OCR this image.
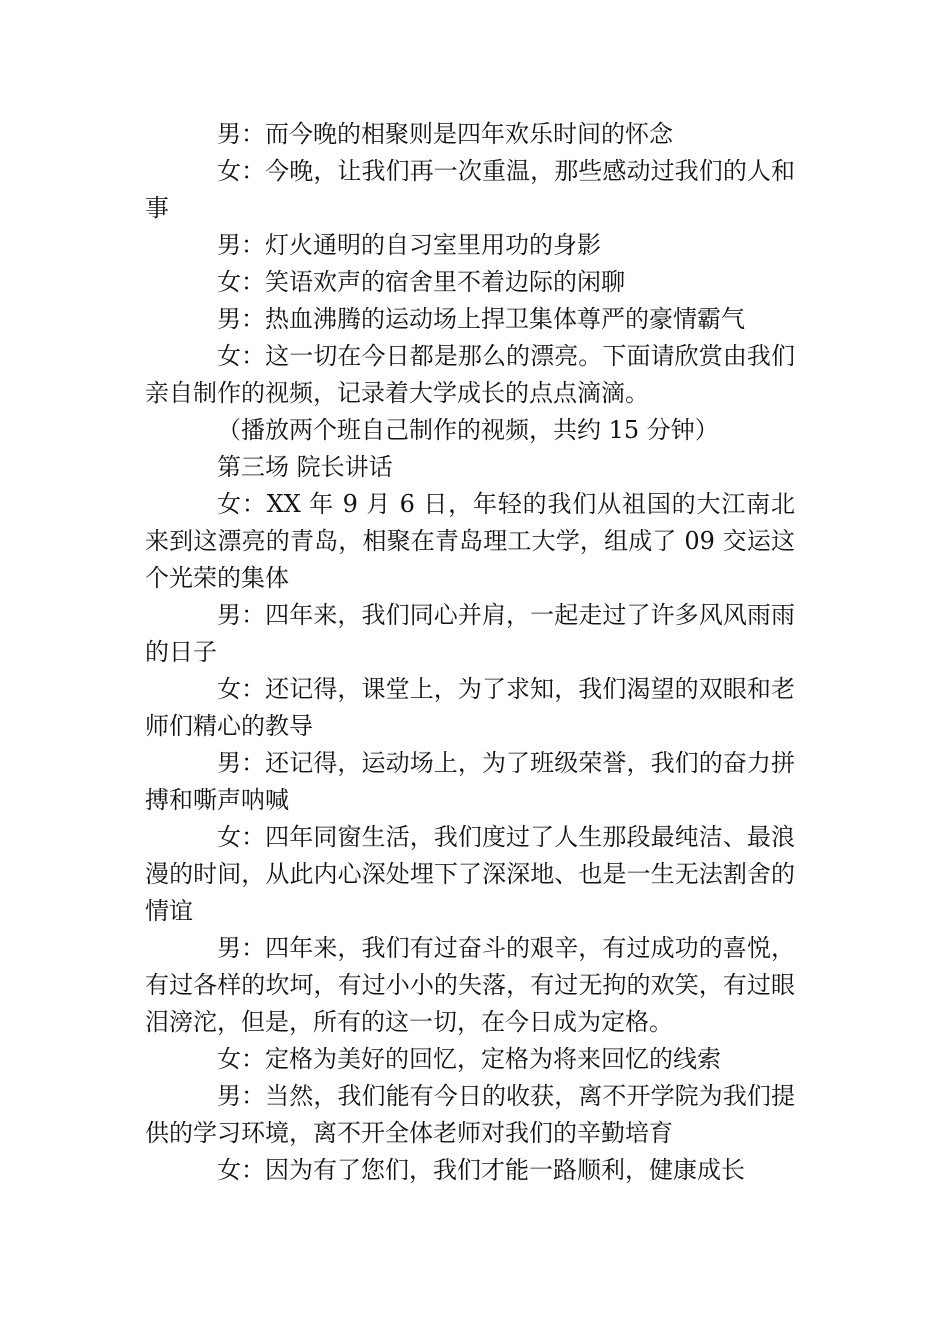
男：而今晚的相聚则是四年欢乐时间的怀念

女：今晚，让我们再一次重温，那些感动过我们的人和事

男：灯火通明的自习室里用功的身影

女：笑语欢声的宿舍里不着边际的闲聊

男：热血沸腾的运动场上捍卫集体尊严的豪情霸气

女：这一切在今日都是那么的漂亮。下面请欣赏由我们亲自制作的视频，记录着大学成长的点点滴滴。

（播放两个班自己制作的视频，共约 15 分钟）

第三场 院长讲话

女：XX 年 9 月 6 日，年轻的我们从祖国的大江南北来到这漂亮的青岛，相聚在青岛理工大学，组成了 09 交运这个光荣的集体

男：四年来，我们同心并肩，一起走过了许多风风雨雨的日子

女：还记得，课堂上，为了求知，我们渴望的双眼和老师们精心的教导

男：还记得，运动场上，为了班级荣誉，我们的奋力拼搏和嘶声呐喊

女：四年同窗生活，我们度过了人生那段最纯洁、最浪漫的时间，从此内心深处埋下了深深地、也是一生无法割舍的情谊

男：四年来，我们有过奋斗的艰辛，有过成功的喜悦，有过各样的坎坷，有过小小的失落，有过无拘的欢笑，有过眼泪滂沱，但是，所有的这一切，在今日成为定格。

女：定格为美好的回忆，定格为将来回忆的线索

男：当然，我们能有今日的收获，离不开学院为我们提供的学习环境，离不开全体老师对我们的辛勤培育

女：因为有了您们，我们才能一路顺利，健康成长
